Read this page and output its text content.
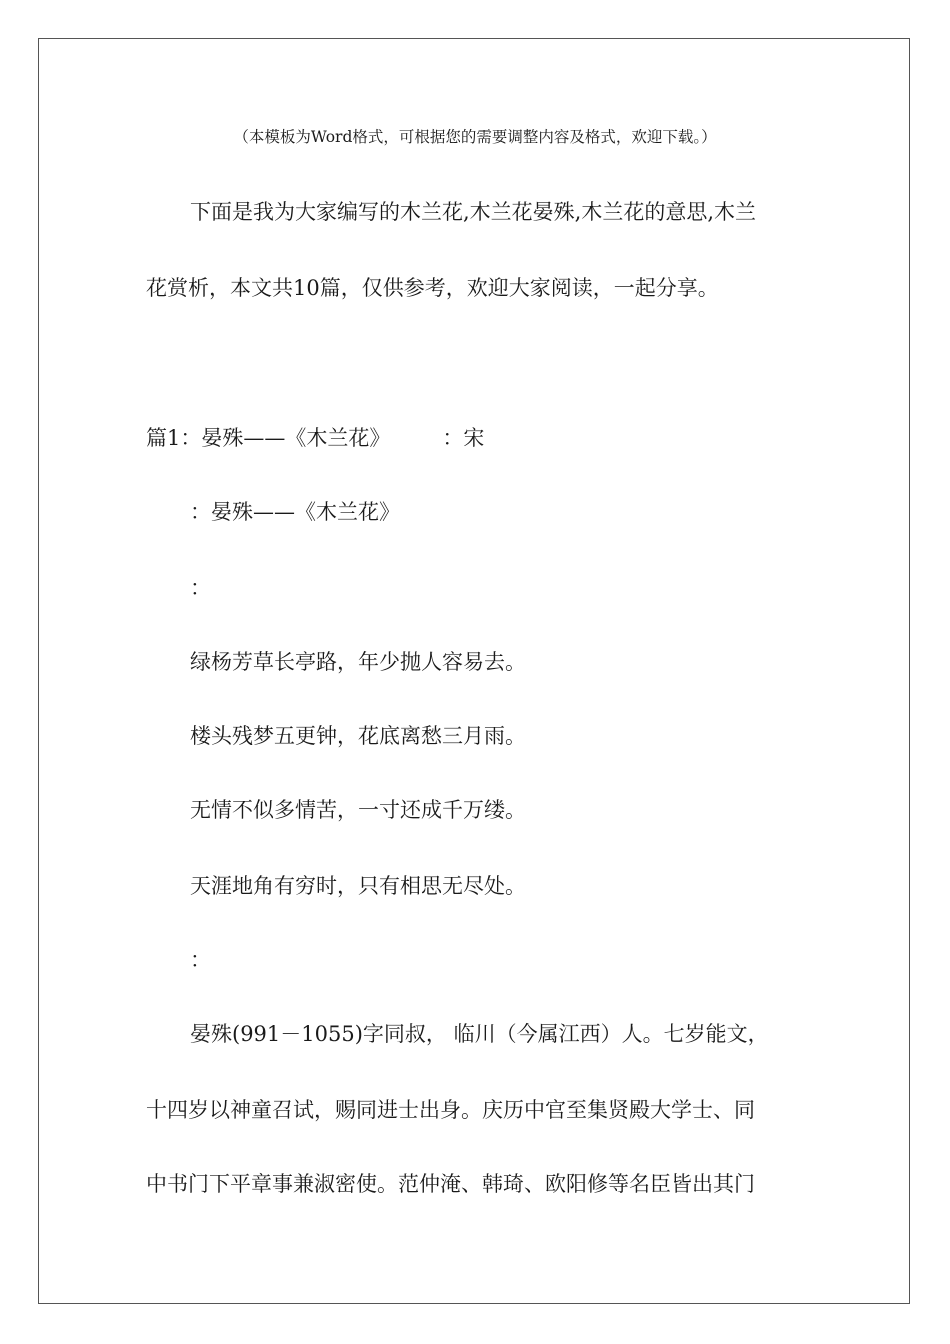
（本模板为Word格式，可根据您的需要调整内容及格式，欢迎下载。）
下面是我为大家编写的木兰花,木兰花晏殊,木兰花的意思,木兰
花赏析，本文共10篇，仅供参考，欢迎大家阅读，一起分享。
篇1：晏殊——《木兰花》 ：宋
：晏殊——《木兰花》
：
绿杨芳草长亭路，年少抛人容易去。
楼头残梦五更钟，花底离愁三月雨。
无情不似多情苦，一寸还成千万缕。
天涯地角有穷时，只有相思无尽处。
：
晏殊(991－1055)字同叔， 临川（今属江西）人。七岁能文，
十四岁以神童召试，赐同进士出身。庆历中官至集贤殿大学士、同
中书门下平章事兼淑密使。范仲淹、韩琦、欧阳修等名臣皆出其门
